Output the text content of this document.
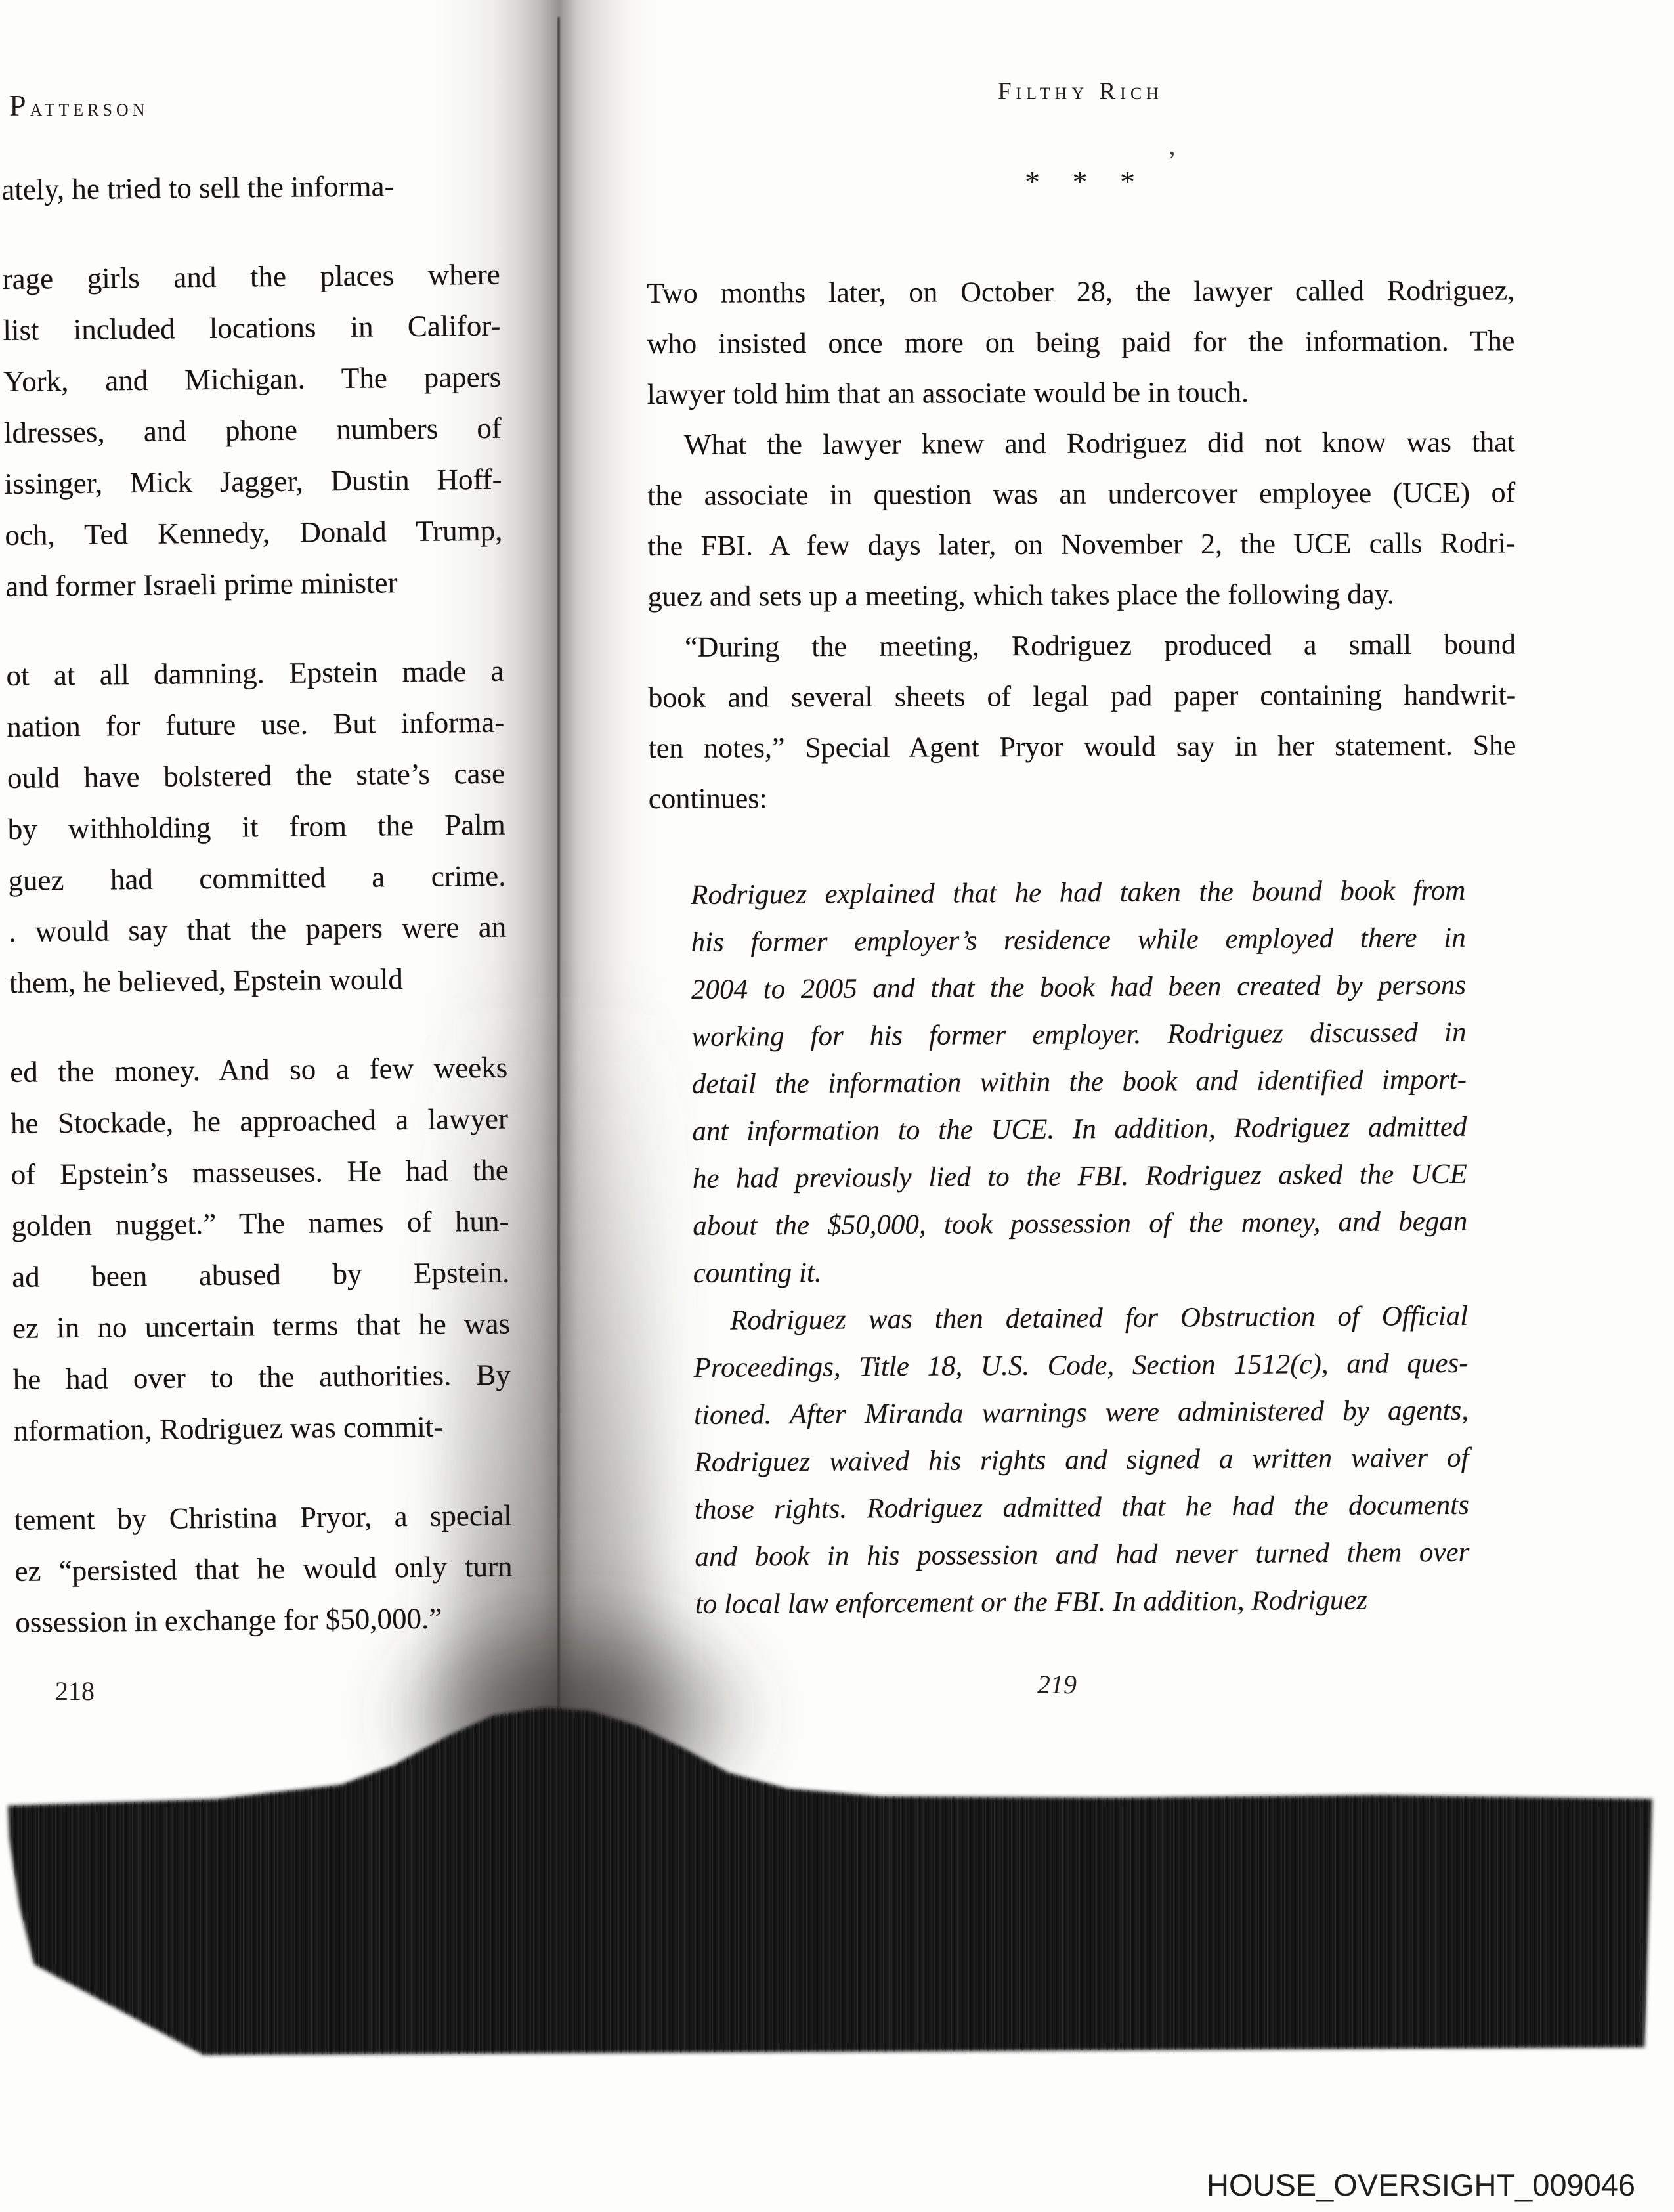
Patterson

ately, he tried to sell the informa-

rage girls and the places where
list included locations in Califor-
York, and Michigan. The papers
ldresses, and phone numbers of
issinger, Mick Jagger, Dustin Hoff-
och, Ted Kennedy, Donald Trump,
and former Israeli prime minister

ot at all damning. Epstein made a
nation for future use. But informa-
ould have bolstered the state’s case
by withholding it from the Palm
guez had committed a crime.
. would say that the papers were an
them, he believed, Epstein would

ed the money. And so a few weeks
he Stockade, he approached a lawyer
of Epstein’s masseuses. He had the
golden nugget.” The names of hun-
ad been abused by Epstein.
ez in no uncertain terms that he was
he had over to the authorities. By
nformation, Rodriguez was commit-

tement by Christina Pryor, a special
ez “persisted that he would only turn
ossession in exchange for $50,000.”

218
Filthy Rich
* * *
’

Two months later, on October 28, the lawyer called Rodriguez,
who insisted once more on being paid for the information. The
lawyer told him that an associate would be in touch.

What the lawyer knew and Rodriguez did not know was that
the associate in question was an undercover employee (UCE) of
the FBI. A few days later, on November 2, the UCE calls Rodri-
guez and sets up a meeting, which takes place the following day.

“During the meeting, Rodriguez produced a small bound
book and several sheets of legal pad paper containing handwrit-
ten notes,” Special Agent Pryor would say in her statement. She
continues:

Rodriguez explained that he had taken the bound book from
his former employer’s residence while employed there in
2004 to 2005 and that the book had been created by persons
working for his former employer. Rodriguez discussed in
detail the information within the book and identified import-
ant information to the UCE. In addition, Rodriguez admitted
he had previously lied to the FBI. Rodriguez asked the UCE
about the $50,000, took possession of the money, and began
counting it.

Rodriguez was then detained for Obstruction of Official
Proceedings, Title 18, U.S. Code, Section 1512(c), and ques-
tioned. After Miranda warnings were administered by agents,
Rodriguez waived his rights and signed a written waiver of
those rights. Rodriguez admitted that he had the documents
and book in his possession and had never turned them over
to local law enforcement or the FBI. In addition, Rodriguez

219
HOUSE_OVERSIGHT_009046
